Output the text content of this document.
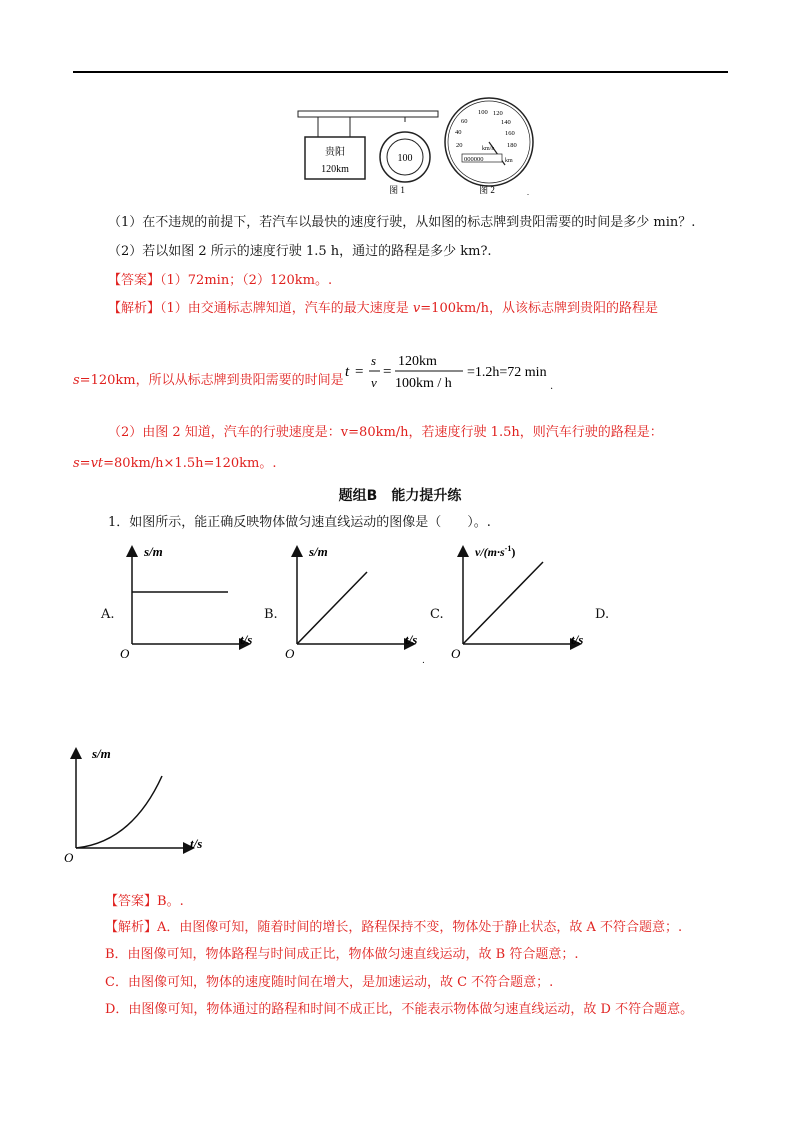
贵阳
120km
100
图 1
20
40
60
100 120
140
160
180
km/h
000000	km
图 2	.
（1）在不违规的前提下，若汽车以最快的速度行驶，从如图的标志牌到贵阳需要的时间是多少 min？.
（2）若以如图 2 所示的速度行驶 1.5 h，通过的路程是多少 km?.
【答案】（1）72min；（2）120km。.
【解析】（1）由交通标志牌知道，汽车的最大速度是 v=100km/h，从该标志牌到贵阳的路程是
s=120km，所以从标志牌到贵阳需要的时间是
t =
s
v
=
120km
100km / h
=1.2h=72 min
.
（2）由图 2 知道，汽车的行驶速度是：v=80km/h，若速度行驶 1.5h，则汽车行驶的路程是：
s=vt=80km/h×1.5h=120km。.
题组B　能力提升练
1．如图所示，能正确反映物体做匀速直线运动的图像是（　　）。.
A.	B.	C.	D.
s/m
t/s
O
s/m
t/s
O	.
$v/(m\cdot s^{-1})$
t/s
O
s/m
t/s
O
【答案】B。.
【解析】A．由图像可知，随着时间的增长，路程保持不变，物体处于静止状态，故 A 不符合题意；.
B．由图像可知，物体路程与时间成正比，物体做匀速直线运动，故 B 符合题意；.
C．由图像可知，物体的速度随时间在增大，是加速运动，故 C 不符合题意；.
D．由图像可知，物体通过的路程和时间不成正比，不能表示物体做匀速直线运动，故 D 不符合题意。
